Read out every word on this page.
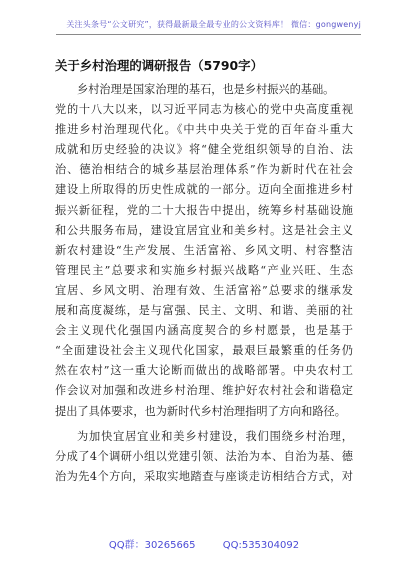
关注头条号“公文研究”，获得最新最全最专业的公文资料库！ 微信：gongwenyj
关于乡村治理的调研报告（5790字）
乡村治理是国家治理的基石，也是乡村振兴的基础。
党的十八大以来，以习近平同志为核心的党中央高度重视
推进乡村治理现代化。《中共中央关于党的百年奋斗重大
成就和历史经验的决议》将“健全党组织领导的自治、法
治、德治相结合的城乡基层治理体系”作为新时代在社会
建设上所取得的历史性成就的一部分。迈向全面推进乡村
振兴新征程，党的二十大报告中提出，统筹乡村基础设施
和公共服务布局，建设宜居宜业和美乡村。这是社会主义
新农村建设“生产发展、生活富裕、乡风文明、村容整洁
管理民主”总要求和实施乡村振兴战略“产业兴旺、生态
宜居、乡风文明、治理有效、生活富裕”总要求的继承发
展和高度凝练，是与富强、民主、文明、和谐、美丽的社
会主义现代化强国内涵高度契合的乡村愿景，也是基于
“全面建设社会主义现代化国家，最艰巨最繁重的任务仍
然在农村”这一重大论断而做出的战略部署。中央农村工
作会议对加强和改进乡村治理、维护好农村社会和谐稳定
提出了具体要求，也为新时代乡村治理指明了方向和路径。
为加快宜居宜业和美乡村建设，我们围绕乡村治理，
分成了4个调研小组以党建引领、法治为本、自治为基、德
治为先4个方向，采取实地踏查与座谈走访相结合方式，对
QQ群：30265665	QQ:535304092
